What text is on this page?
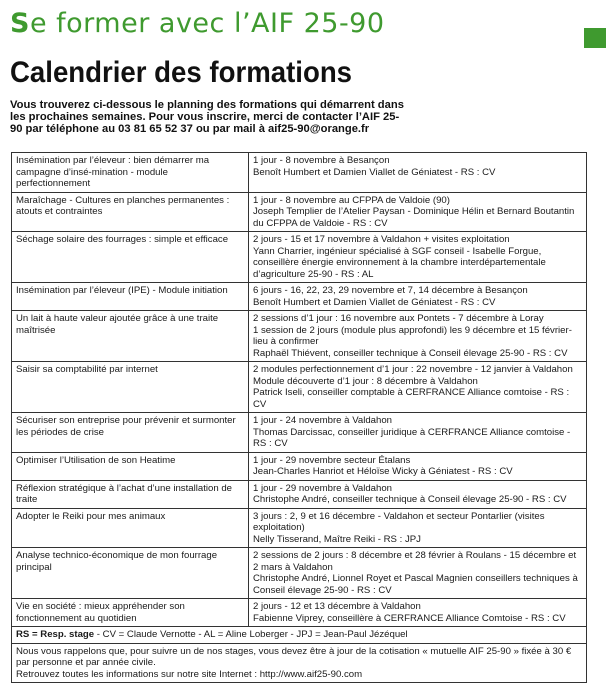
Se former avec l’AIF 25-90
Calendrier des formations
Vous trouverez ci-dessous le planning des formations qui démarrent dans les prochaines semaines. Pour vous inscrire, merci de contacter l’AIF 25-90 par téléphone au 03 81 65 52 37 ou par mail à aif25-90@orange.fr
Insémination par l’éleveur : bien démarrer ma campagne d’insé-mination - module perfectionnement	1 jour - 8 novembre à Besançon
Benoît Humbert et Damien Viallet de Géniatest - RS : CV

Maraîchage - Cultures en planches permanentes : atouts et contraintes	1 jour - 8 novembre au CFPPA de Valdoie (90)
Joseph Templier de l’Atelier Paysan - Dominique Hélin et Bernard Boutantin du CFPPA de Valdoie - RS : CV

Séchage solaire des fourrages : simple et efficace	2 jours - 15 et 17 novembre à Valdahon + visites exploitation
Yann Charrier, ingénieur spécialisé à SGF conseil - Isabelle Forgue, conseillère énergie environnement à la chambre interdépartementale d’agriculture 25-90 - RS : AL

Insémination par l’éleveur (IPE) - Module initiation	6 jours - 16, 22, 23, 29 novembre et 7, 14 décembre à Besançon
Benoît Humbert et Damien Viallet de Géniatest - RS : CV

Un lait à haute valeur ajoutée grâce à une traite maîtrisée	2 sessions d’1 jour : 16 novembre aux Pontets - 7 décembre à Loray
1 session de 2 jours (module plus approfondi) les 9 décembre et 15 février- lieu à confirmer
Raphaël Thiévent, conseiller technique à Conseil élevage 25-90 - RS : CV

Saisir sa comptabilité par internet	2 modules perfectionnement d’1 jour : 22 novembre - 12 janvier à Valdahon
Module découverte d’1 jour : 8 décembre à Valdahon
Patrick Iseli, conseiller comptable à CERFRANCE Alliance comtoise - RS : CV

Sécuriser son entreprise pour prévenir et surmonter les périodes de crise	1 jour - 24 novembre à Valdahon
Thomas Darcissac, conseiller juridique à CERFRANCE Alliance comtoise - RS : CV

Optimiser l’Utilisation de son Heatime	1 jour - 29 novembre secteur Étalans
Jean-Charles Hanriot et Héloïse Wicky à Géniatest - RS : CV

Réflexion stratégique à l’achat d’une installation de traite	1 jour - 29 novembre à Valdahon
Christophe André, conseiller technique à Conseil élevage 25-90 - RS : CV

Adopter le Reiki pour mes animaux	3 jours : 2, 9 et 16 décembre - Valdahon et secteur Pontarlier (visites exploitation)
Nelly Tisserand, Maître Reiki - RS : JPJ

Analyse technico-économique de mon fourrage principal	2 sessions de 2 jours : 8 décembre et 28 février à Roulans - 15 décembre et 2 mars à Valdahon
Christophe André, Lionnel Royet et Pascal Magnien conseillers techniques à Conseil élevage 25-90 - RS : CV

Vie en société : mieux appréhender son fonctionnement au quotidien	2 jours - 12 et 13 décembre à Valdahon
Fabienne Viprey, conseillère à CERFRANCE Alliance Comtoise - RS : CV

RS = Resp. stage - CV = Claude Vernotte - AL = Aline Loberger - JPJ = Jean-Paul Jézéquel	

Nous vous rappelons que, pour suivre un de nos stages, vous devez être à jour de la cotisation « mutuelle AIF 25-90 » fixée à 30 € par personne et par année civile.
Retrouvez toutes les informations sur notre site Internet : http://www.aif25-90.com	
